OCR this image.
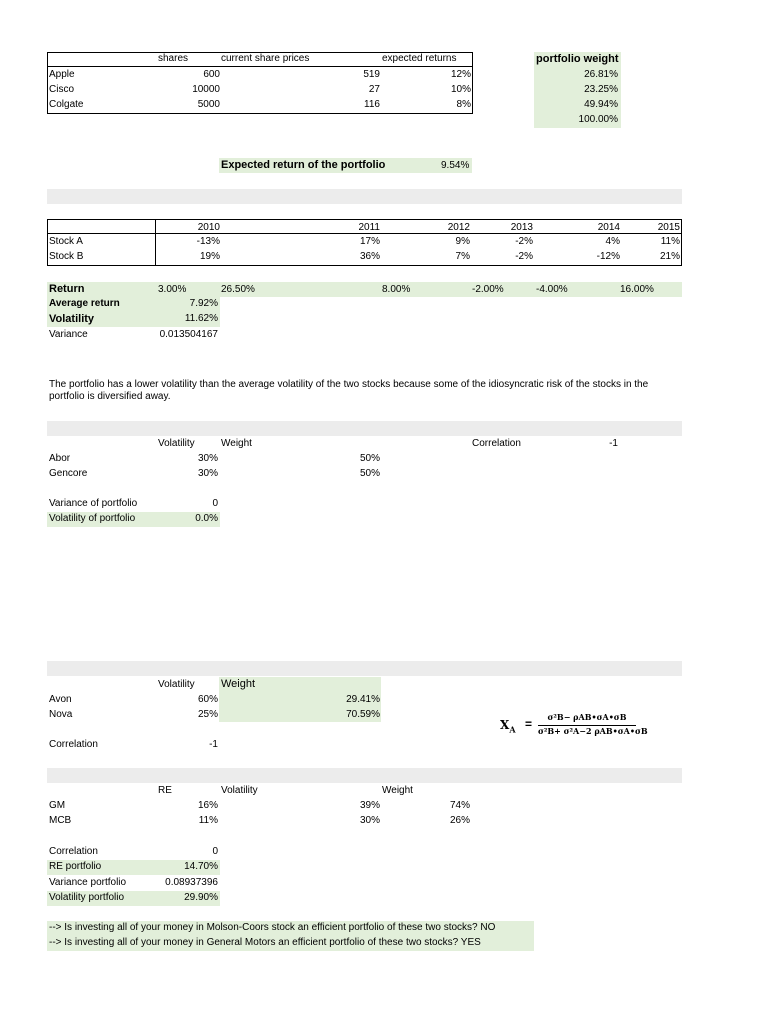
shares	current share prices	expected returns	portfolio weight
Apple	600	519	12%	26.81%
Cisco	10000	27	10%	23.25%
Colgate	5000	116	8%	49.94%
100.00%
Expected return of the portfolio	9.54%
2010	2011	2012	2013	2014	2015
Stock A	-13%	17%	9%	-2%	4%	11%
Stock B	19%	36%	7%	-2%	-12%	21%
Return	3.00%	26.50%	8.00%	-2.00%	-4.00%	16.00%
Average return	7.92%
Volatility	11.62%
Variance	0.013504167
The portfolio has a lower volatility than the average volatility of the two stocks because some of the idiosyncratic risk of the stocks in the portfolio is diversified away.
Volatility	Weight	Correlation	-1
Abor	30%	50%
Gencore	30%	50%
Variance of portfolio	0
Volatility of portfolio	0.0%
Volatility Weight
Avon	60%	29.41%
Nova	25%	70.59%
Correlation	-1
$X_A$ =	σ²B− ρAB•σA•σB
σ²B+ σ²A−2 ρAB•σA•σB
RE	Volatility	Weight
GM	16%	39%	74%
MCB	11%	30%	26%
Correlation	0
RE portfolio	14.70%
Variance portfolio	0.08937396
Volatility portfolio	29.90%
--> Is investing all of your money in Molson-Coors stock an efficient portfolio of these two stocks? NO
--> Is investing all of your money in General Motors an efficient portfolio of these two stocks? YES
